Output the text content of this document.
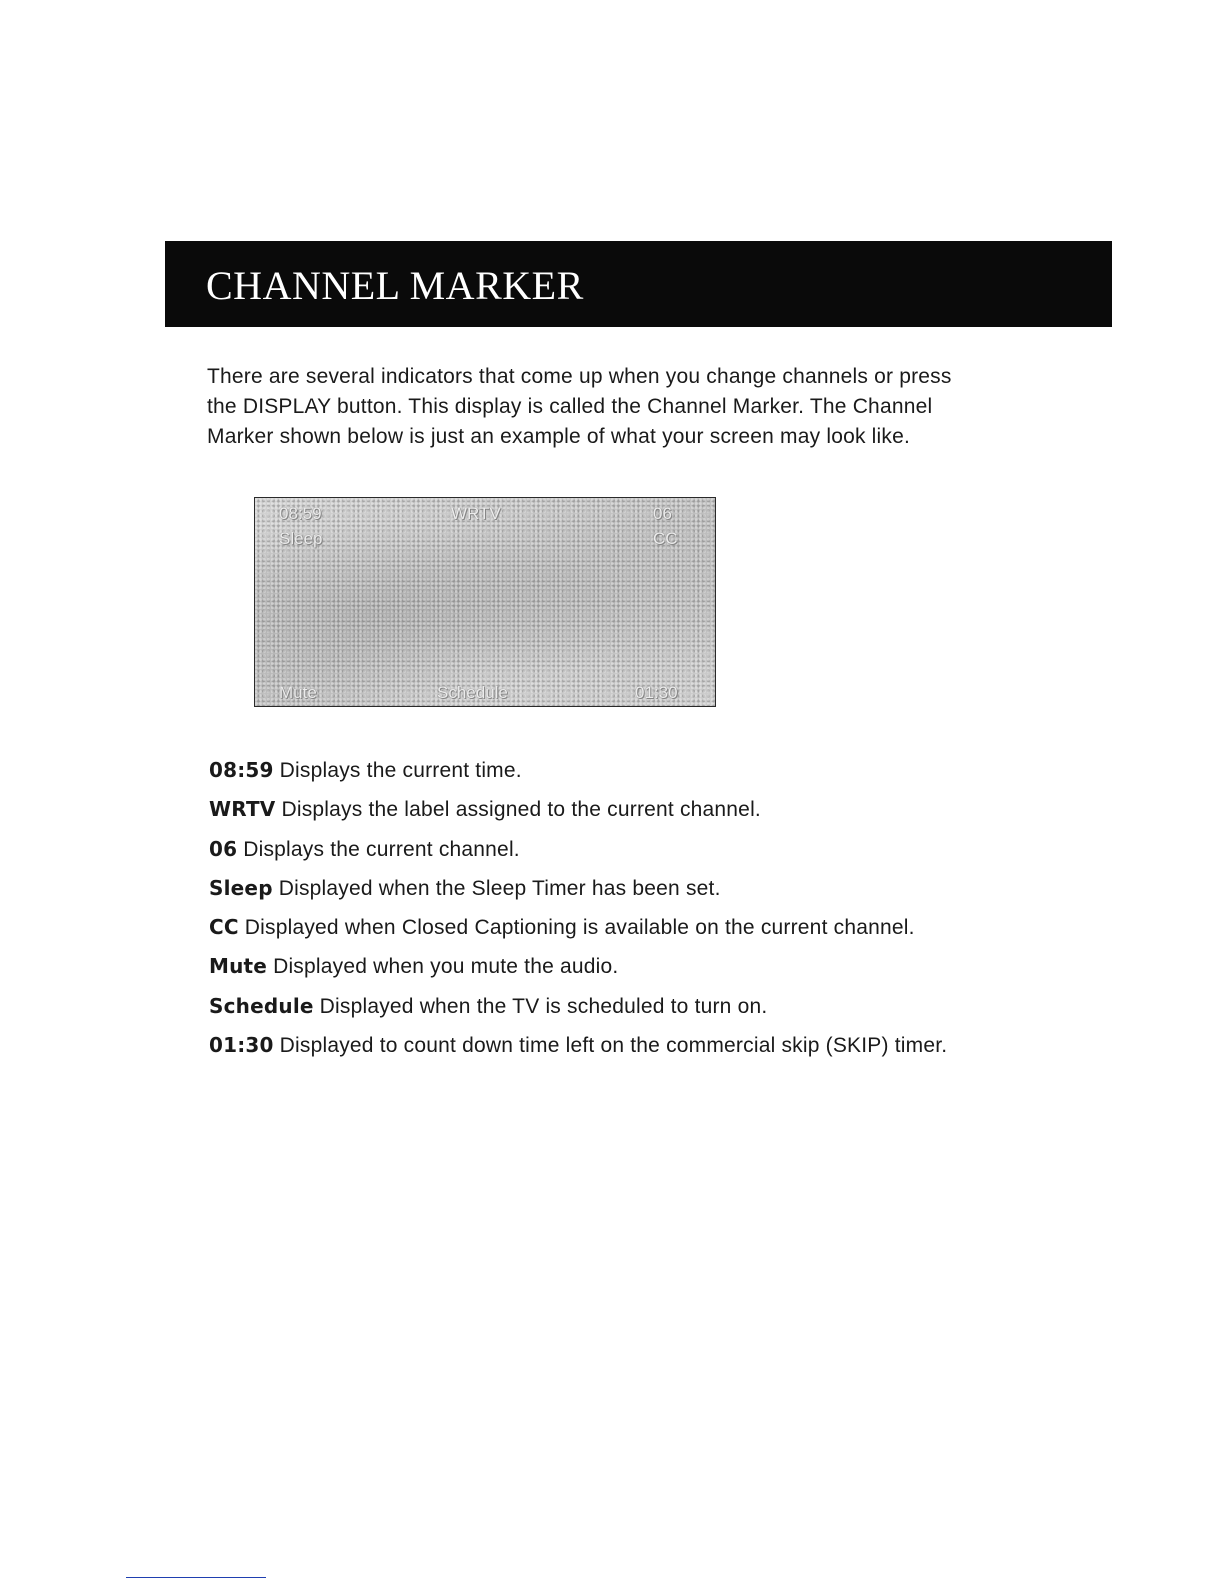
CHANNEL MARKER

There are several indicators that come up when you change channels or press
the DISPLAY button. This display is called the Channel Marker. The Channel
Marker shown below is just an example of what your screen may look like.

08:59	WRTV	06
Sleep	CC
Mute	Schedule	01:30
08:59 Displays the current time.
WRTV Displays the label assigned to the current channel.
06 Displays the current channel.
Sleep Displayed when the Sleep Timer has been set.
CC Displayed when Closed Captioning is available on the current channel.
Mute Displayed when you mute the audio.
Schedule Displayed when the TV is scheduled to turn on.
01:30 Displayed to count down time left on the commercial skip (SKIP) timer.
